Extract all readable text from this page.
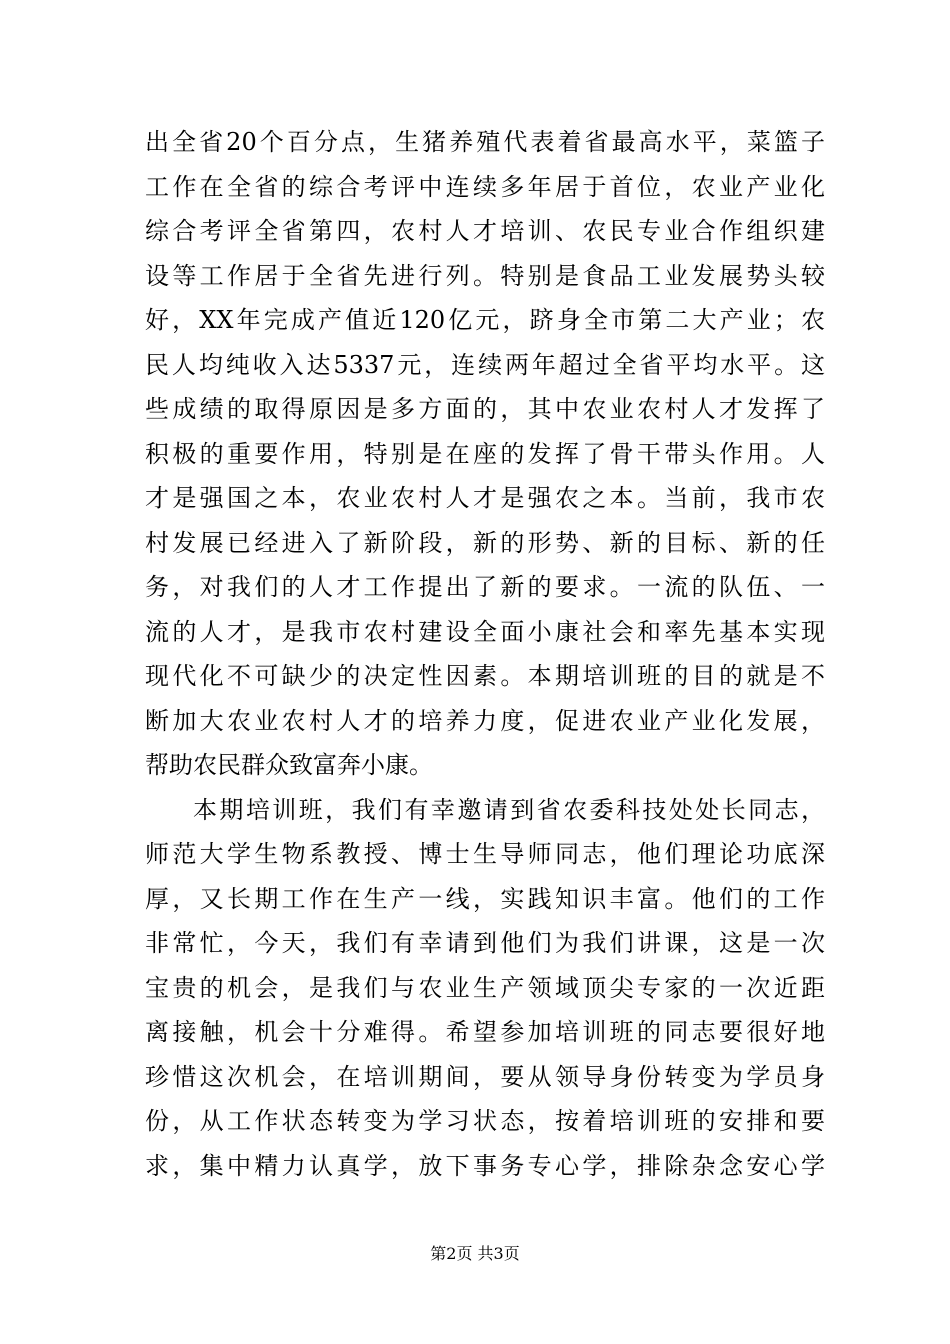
出全省20个百分点，生猪养殖代表着省最高水平，菜篮子
工作在全省的综合考评中连续多年居于首位，农业产业化
综合考评全省第四，农村人才培训、农民专业合作组织建
设等工作居于全省先进行列。特别是食品工业发展势头较
好，XX年完成产值近120亿元，跻身全市第二大产业；农
民人均纯收入达5337元，连续两年超过全省平均水平。这
些成绩的取得原因是多方面的，其中农业农村人才发挥了
积极的重要作用，特别是在座的发挥了骨干带头作用。人
才是强国之本，农业农村人才是强农之本。当前，我市农
村发展已经进入了新阶段，新的形势、新的目标、新的任
务，对我们的人才工作提出了新的要求。一流的队伍、一
流的人才，是我市农村建设全面小康社会和率先基本实现
现代化不可缺少的决定性因素。本期培训班的目的就是不
断加大农业农村人才的培养力度，促进农业产业化发展，
帮助农民群众致富奔小康。
本期培训班，我们有幸邀请到省农委科技处处长同志，
师范大学生物系教授、博士生导师同志，他们理论功底深
厚，又长期工作在生产一线，实践知识丰富。他们的工作
非常忙，今天，我们有幸请到他们为我们讲课，这是一次
宝贵的机会，是我们与农业生产领域顶尖专家的一次近距
离接触，机会十分难得。希望参加培训班的同志要很好地
珍惜这次机会，在培训期间，要从领导身份转变为学员身
份，从工作状态转变为学习状态，按着培训班的安排和要
求，集中精力认真学，放下事务专心学，排除杂念安心学
第2页 共3页
